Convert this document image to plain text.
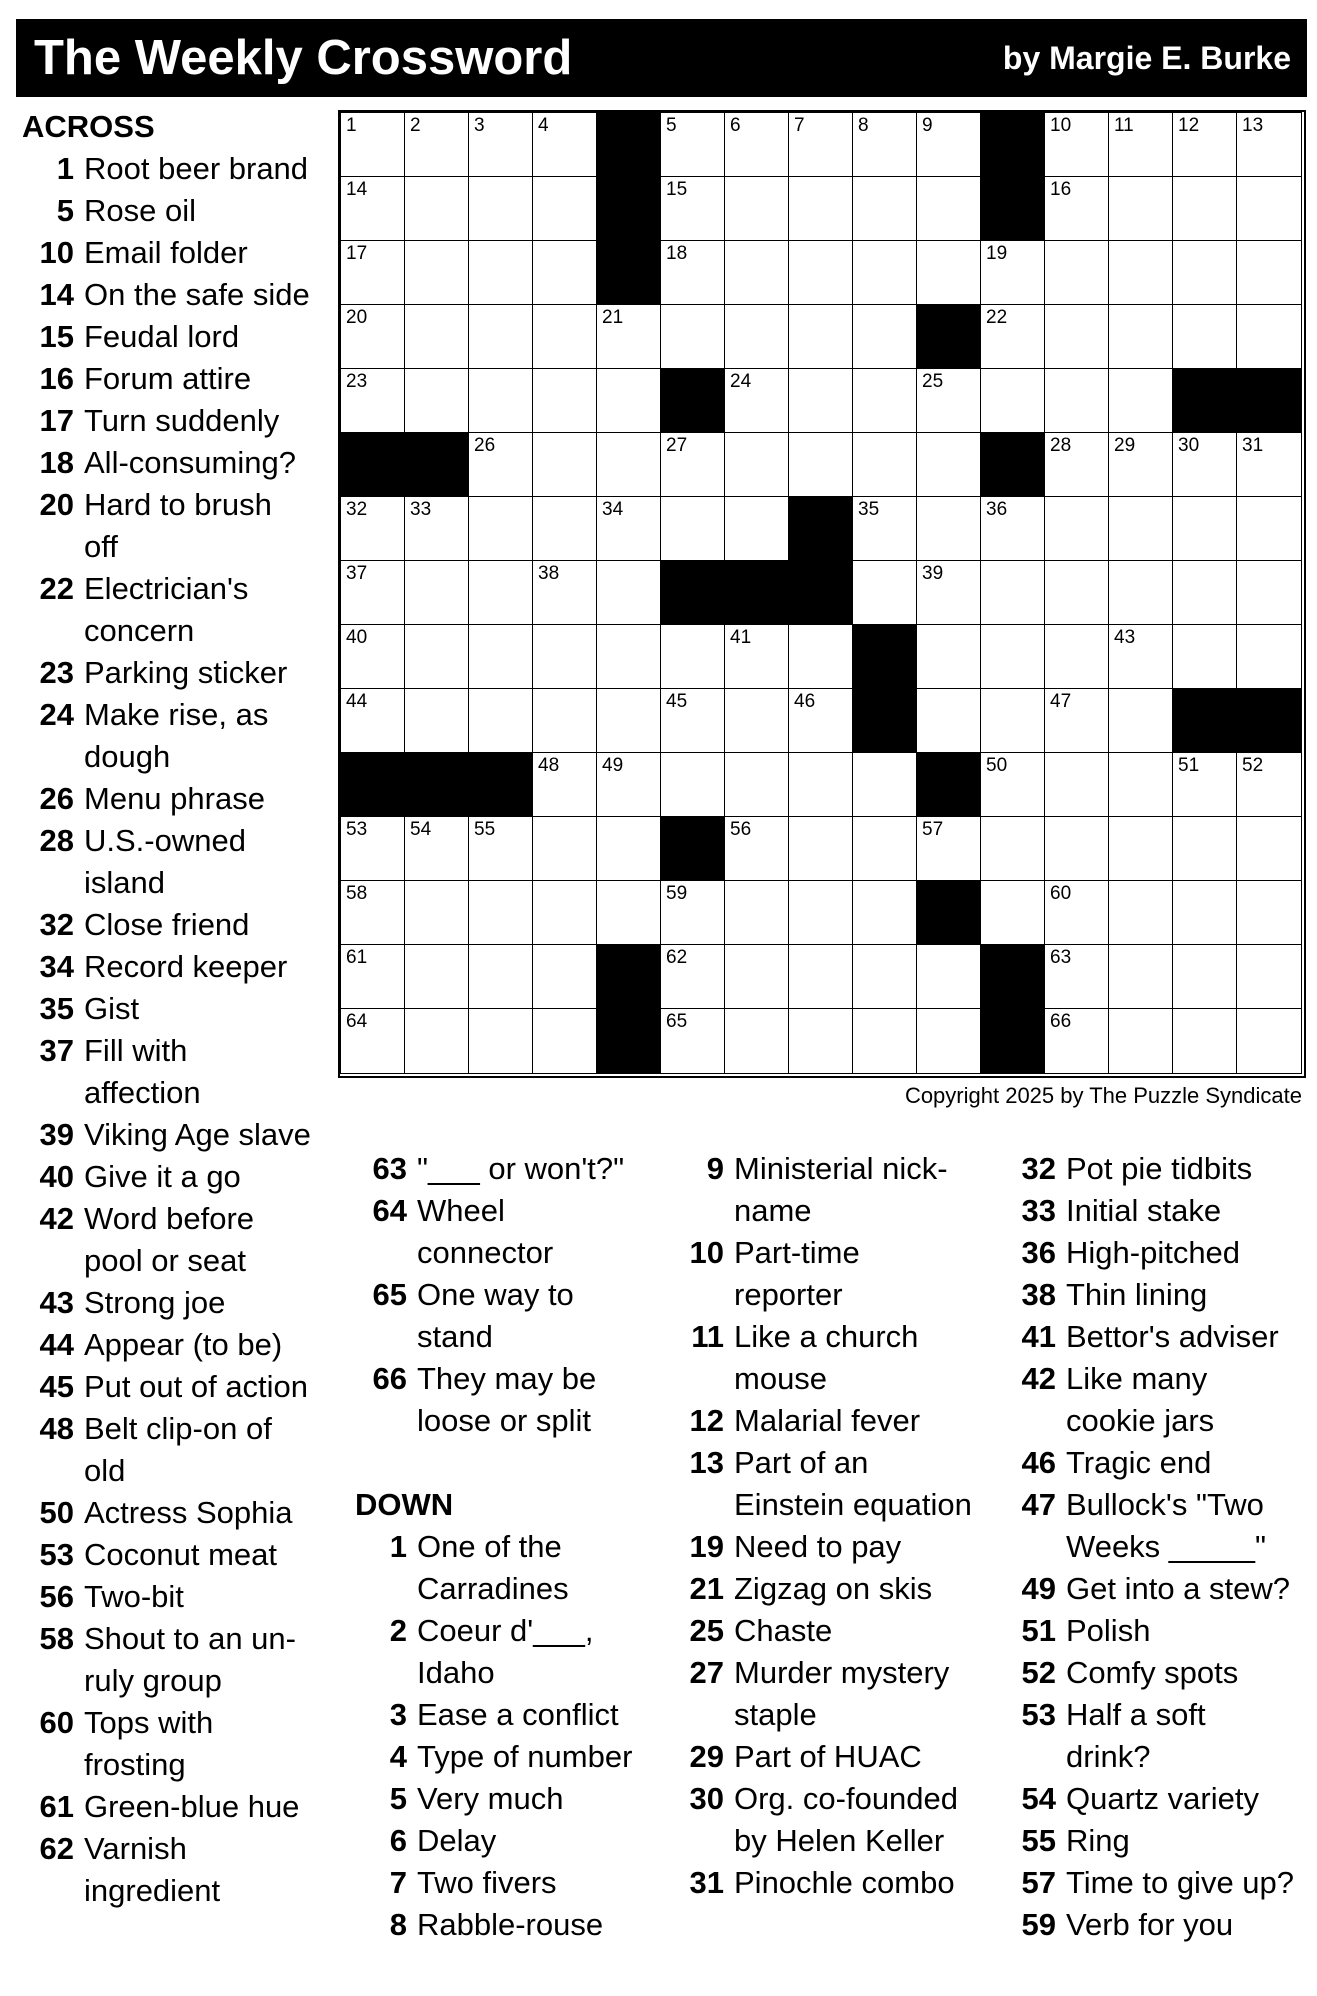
The Weekly Crossword	by Margie E. Burke
1	2	3	4	5	6	7	8	9	10 11 12 13
14	15	16
17	18	19
20	21	22
23	24	25
26	27	28 29 30 31
32 33	34	35	36
37	38	39
40	41	42	43
44	45	46	47
48 49	50	51 52
53 54 55	56	57
58	59	60
61	62	63
64	65	66
Copyright 2025 by The Puzzle Syndicate
ACROSS
1 Root beer brand
5 Rose oil
10 Email folder
14 On the safe side
15 Feudal lord
16 Forum attire
17 Turn suddenly
18 All-consuming?
20 Hard to brush
off
22 Electrician's
concern
23 Parking sticker
24 Make rise, as
dough
26 Menu phrase
28 U.S.-owned
island
32 Close friend
34 Record keeper
35 Gist
37 Fill with
affection
39 Viking Age slave
40 Give it a go
42 Word before
pool or seat
43 Strong joe
44 Appear (to be)
45 Put out of action
48 Belt clip-on of
old
50 Actress Sophia
53 Coconut meat
56 Two-bit
58 Shout to an un-
ruly group
60 Tops with
frosting
61 Green-blue hue
62 Varnish
ingredient
63 "___ or won't?"
64 Wheel
connector
65 One way to
stand
66 They may be
loose or split
DOWN
1 One of the
Carradines
2 Coeur d'___,
Idaho
3 Ease a conflict
4 Type of number
5 Very much
6 Delay
7 Two fivers
8 Rabble-rouse
9 Ministerial nick-
name
10 Part-time
reporter
11 Like a church
mouse
12 Malarial fever
13 Part of an
Einstein equation
19 Need to pay
21 Zigzag on skis
25 Chaste
27 Murder mystery
staple
29 Part of HUAC
30 Org. co-founded
by Helen Keller
31 Pinochle combo
32 Pot pie tidbits
33 Initial stake
36 High-pitched
38 Thin lining
41 Bettor's adviser
42 Like many
cookie jars
46 Tragic end
47 Bullock's "Two
Weeks _____"
49 Get into a stew?
51 Polish
52 Comfy spots
53 Half a soft
drink?
54 Quartz variety
55 Ring
57 Time to give up?
59 Verb for you
